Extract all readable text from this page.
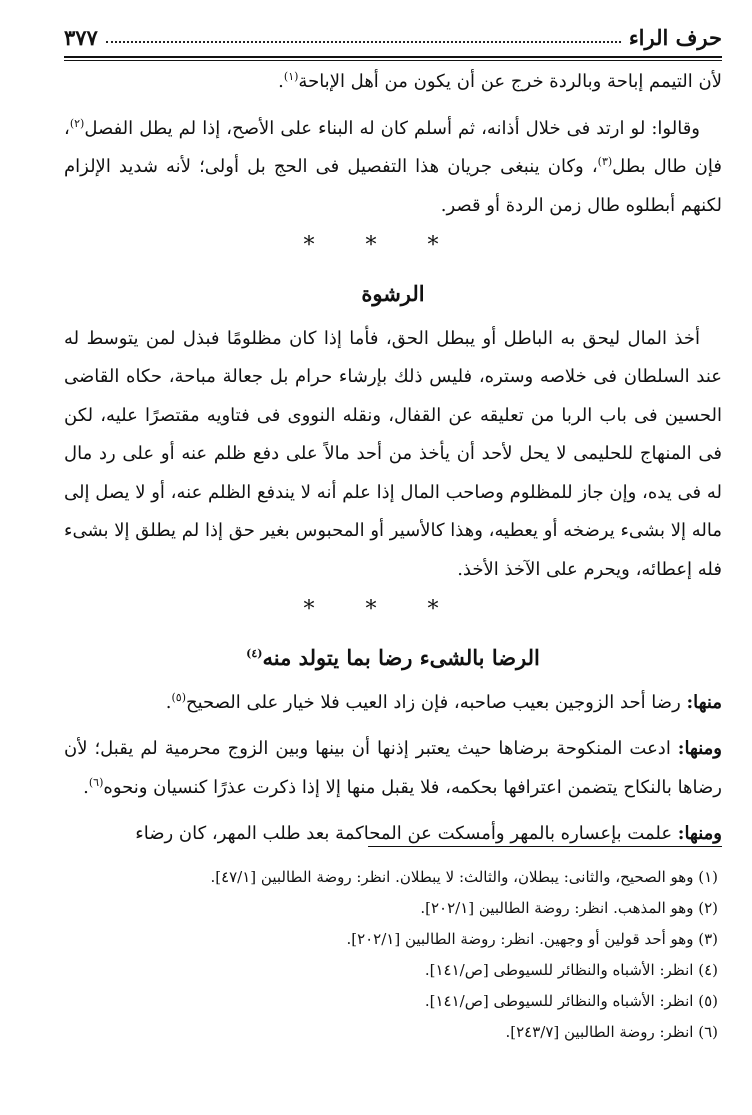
حرف الراء
٣٧٧

لأن التيمم إباحة وبالردة خرج عن أن يكون من أهل الإباحة$^{(١)}$.

وقالوا: لو ارتد فى خلال أذانه، ثم أسلم كان له البناء على الأصح، إذا لم يطل الفصل$^{(٢)}$، فإن طال بطل$^{(٣)}$، وكان ينبغى جريان هذا التفصيل فى الحج بل أولى؛ لأنه شديد الإلزام لكنهم أبطلوه طال زمن الردة أو قصر.

* * *

الرشوة

أخذ المال ليحق به الباطل أو يبطل الحق، فأما إذا كان مظلومًا فبذل لمن يتوسط له عند السلطان فى خلاصه وستره، فليس ذلك بإرشاء حرام بل جعالة مباحة، حكاه القاضى الحسين فى باب الربا من تعليقه عن القفال، ونقله النووى فى فتاويه مقتصرًا عليه، لكن فى المنهاج للحليمى لا يحل لأحد أن يأخذ من أحد مالاً على دفع ظلم عنه أو على رد مال له فى يده، وإن جاز للمظلوم وصاحب المال إذا علم أنه لا يندفع الظلم عنه، أو لا يصل إلى ماله إلا بشىء يرضخه أو يعطيه، وهذا كالأسير أو المحبوس بغير حق إذا لم يطلق إلا بشىء فله إعطائه، ويحرم على الآخذ الأخذ.

* * *

الرضا بالشىء رضا بما يتولد منه$^{(٤)}$

منها: رضا أحد الزوجين بعيب صاحبه، فإن زاد العيب فلا خيار على الصحيح$^{(٥)}$.

ومنها: ادعت المنكوحة برضاها حيث يعتبر إذنها أن بينها وبين الزوج محرمية لم يقبل؛ لأن رضاها بالنكاح يتضمن اعترافها بحكمه، فلا يقبل منها إلا إذا ذكرت عذرًا كنسيان ونحوه$^{(٦)}$.

ومنها: علمت بإعساره بالمهر وأمسكت عن المحاكمة بعد طلب المهر، كان رضاء

(١) وهو الصحيح، والثانى: يبطلان، والثالث: لا يبطلان. انظر: روضة الطالبين [٤٧/١].
(٢) وهو المذهب. انظر: روضة الطالبين [٢٠٢/١].
(٣) وهو أحد قولين أو وجهين. انظر: روضة الطالبين [٢٠٢/١].
(٤) انظر: الأشباه والنظائر للسيوطى [ص/١٤١].
(٥) انظر: الأشباه والنظائر للسيوطى [ص/١٤١].
(٦) انظر: روضة الطالبين [٢٤٣/٧].
